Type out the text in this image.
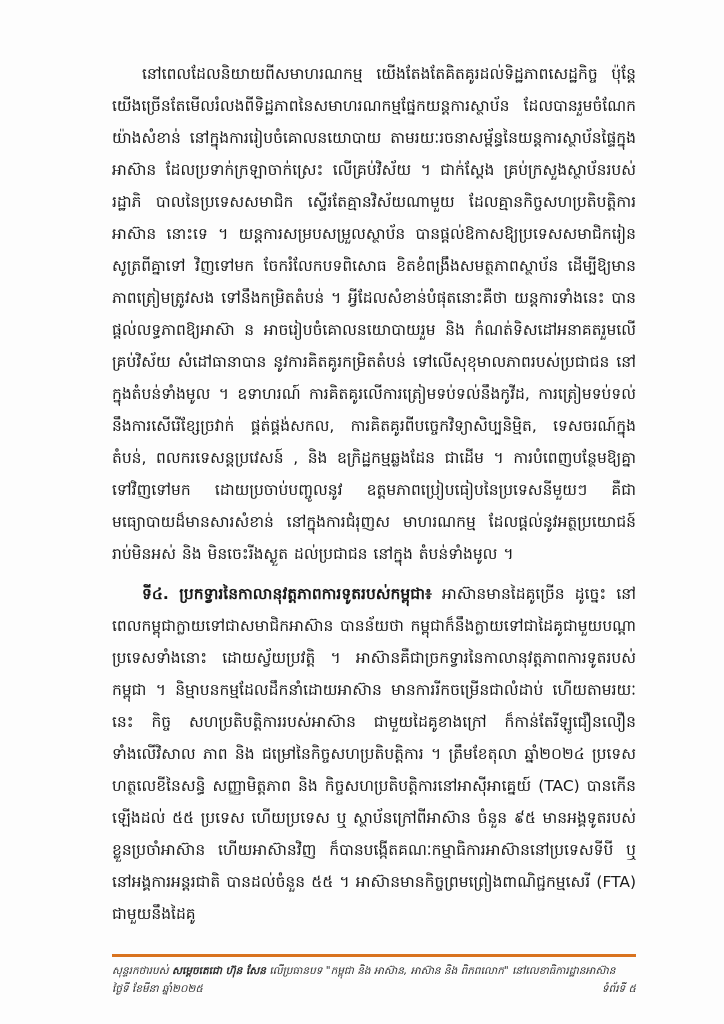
នៅពេលដែលនិយាយពីសមាហរណកម្ម យើងតែងតែគិតគូរដល់ទិដ្ឋភាពសេដ្ឋកិច្ច ប៉ុន្តែ យើងច្រើនតែមើលរំលងពីទិដ្ឋភាពនៃសមាហរណកម្មផ្នែកយន្តការស្ថាប័ន ដែលបានរួមចំណែក យ៉ាងសំខាន់ នៅក្នុងការរៀបចំគោលនយោបាយ តាមរយៈរចនាសម្ព័ន្ធនៃយន្តការស្ថាប័នផ្ទៃក្នុង អាស៊ាន ដែលប្រទាក់ក្រឡាចាក់ស្រេះ លើគ្រប់វិស័យ ។ ជាក់ស្តែង គ្រប់ក្រសួងស្ថាប័នរបស់រដ្ឋាភិ បាលនៃប្រទេសសមាជិក ស្ទើរតែគ្មានវិស័យណាមួយ ដែលគ្មានកិច្ចសហប្រតិបត្តិការអាស៊ាន នោះទេ ។ យន្តការសម្របសម្រួលស្ថាប័ន បានផ្តល់ឱកាសឱ្យប្រទេសសមាជិករៀនសូត្រពីគ្នាទៅ វិញទៅមក ចែករំលែកបទពិសោធ ខិតខំពង្រឹងសមត្ថភាពស្ថាប័ន ដើម្បីឱ្យមានភាពត្រៀមត្រូវសង ទៅនឹងកម្រិតតំបន់ ។ អ្វីដែលសំខាន់បំផុតនោះគឺថា យន្តការទាំងនេះ បានផ្តល់លទ្ធភាពឱ្យអាស៊ា ន អាចរៀបចំគោលនយោបាយរួម និង កំណត់ទិសដៅអនាគតរួមលើគ្រប់វិស័យ សំដៅធានាបាន នូវការគិតគូរកម្រិតតំបន់ ទៅលើសុខុមាលភាពរបស់ប្រជាជន នៅក្នុងតំបន់ទាំងមូល ។ ឧទាហរណ៍ ការគិតគូរលើការត្រៀមទប់ទល់នឹងកូវីដ, ការត្រៀមទប់ទល់នឹងការសើរើខ្សែច្រវាក់ ផ្គត់ផ្គង់សកល, ការគិតគូរពីបច្ចេកវិទ្យាសិប្បនិម្មិត, ទេសចរណ៍ក្នុងតំបន់, ពលករទេសន្តប្រវេសន៍ , និង ឧក្រិដ្ឋកម្មឆ្លងដែន ជាដើម ។ ការបំពេញបន្ថែមឱ្យគ្នាទៅវិញទៅមក ដោយប្រចាប់បញ្ចូលនូវ ឧត្តមភាពប្រៀបធៀបនៃប្រទេសនីមួយៗ គឺជាមធ្យោបាយដ៏មានសារសំខាន់ នៅក្នុងការជំរុញស មាហរណកម្ម ដែលផ្តល់នូវអត្ថប្រយោជន៍ រាប់មិនអស់ និង មិនចេះរីងស្ងួត ដល់ប្រជាជន នៅក្នុង តំបន់ទាំងមូល ។

ទី៤. ប្រកទ្វារនៃកាលានុវត្តភាពការទូតរបស់កម្ពុជា៖ អាស៊ានមានដៃគូច្រើន ដូច្នេះ នៅ ពេលកម្ពុជាក្លាយទៅជាសមាជិកអាស៊ាន បានន័យថា កម្ពុជាក៏នឹងក្លាយទៅជាដៃគូជាមួយបណ្តា ប្រទេសទាំងនោះ ដោយស្វ័យប្រវត្តិ ។ អាស៊ានគឺជាច្រកទ្វារនៃកាលានុវត្តភាពការទូតរបស់កម្ពុជា ។ និម្មាបនកម្មដែលដឹកនាំដោយអាស៊ាន មានការរីកចម្រើនជាលំដាប់ ហើយតាមរយៈនេះ កិច្ច សហប្រតិបត្តិការរបស់អាស៊ាន ជាមួយដៃគូខាងក្រៅ ក៏កាន់តែរីឡូជឿនលឿន ទាំងលើវិសាល ភាព និង ជម្រៅនៃកិច្ចសហប្រតិបត្តិការ ។ ត្រឹមខែតុលា ឆ្នាំ២០២៤ ប្រទេសហត្ថលេខីនៃសន្ធិ សញ្ញាមិត្តភាព និង កិច្ចសហប្រតិបត្តិការនៅអាស៊ីអាគ្នេយ៍ (TAC) បានកើនឡើងដល់ ៥៥ ប្រទេស ហើយប្រទេស ឬ ស្ថាប័នក្រៅពីអាស៊ាន ចំនួន ៩៥ មានអង្គទូតរបស់ខ្លួនប្រចាំអាស៊ាន ហើយអាស៊ានវិញ ក៏បានបង្កើតគណៈកម្មាធិការអាស៊ាននៅប្រទេសទីបី ឬ នៅអង្គការអន្តរជាតិ បានដល់ចំនួន ៥៥ ។ អាស៊ានមានកិច្ចព្រមព្រៀងពាណិជ្ជកម្មសេរី (FTA) ជាមួយនឹងដៃគូ

សុន្ទរកថារបស់ សម្តេចតេជោ ហ៊ុន សែន លើប្រធានបទ "កម្ពុជា និង អាស៊ាន, អាស៊ាន និង ពិភពលោក" នៅលេខាធិការដ្ឋានអាស៊ាន
ថ្ងៃទី ខែមីនា ឆ្នាំ២០២៥	ទំព័រទី ៥
